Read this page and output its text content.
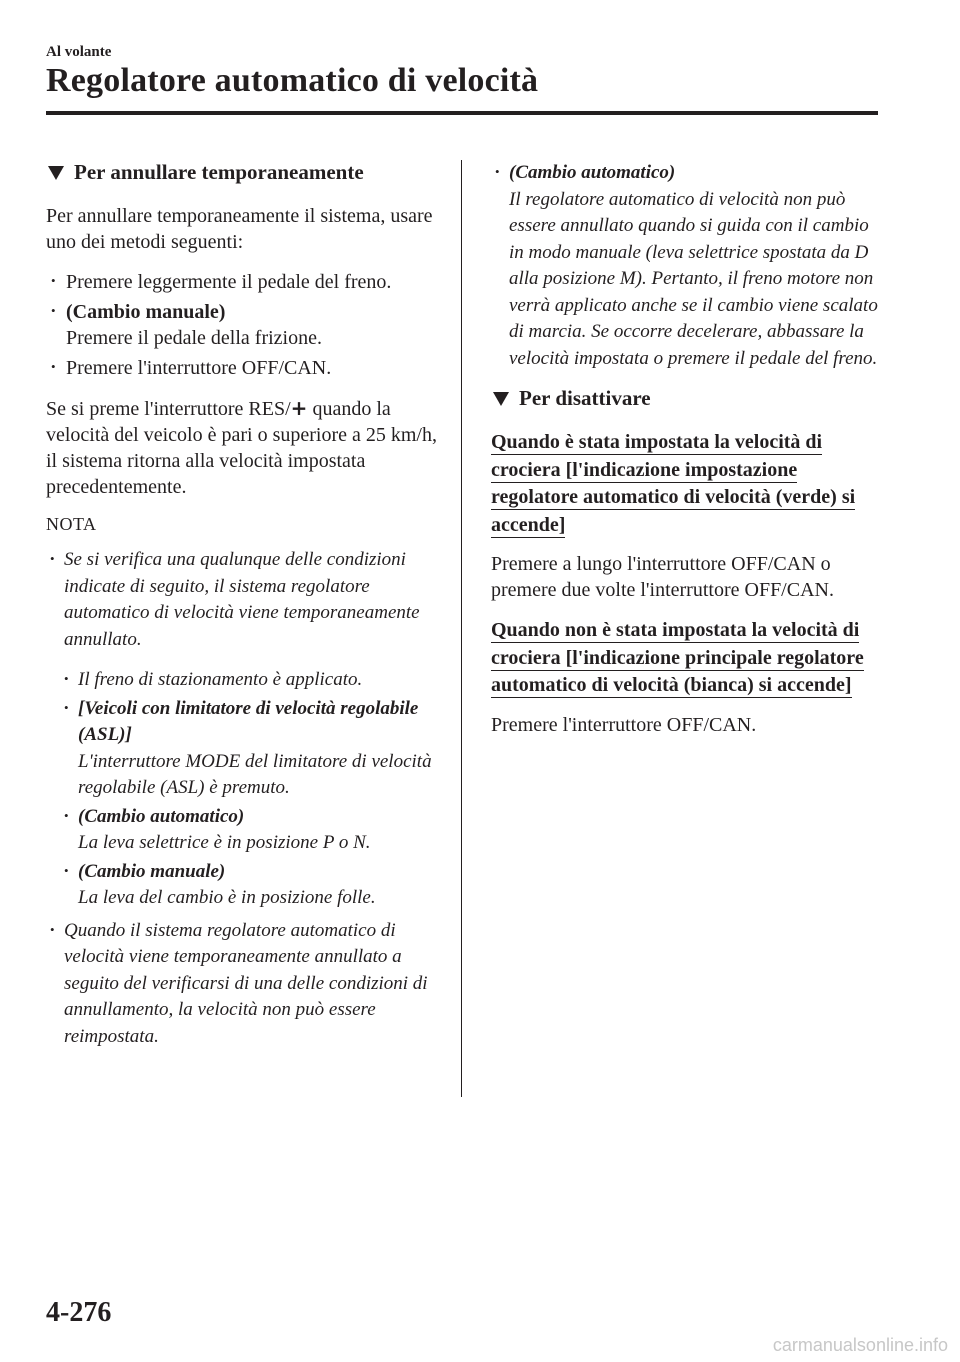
Al volante
Regolatore automatico di velocità
Per annullare temporaneamente

Per annullare temporaneamente il sistema, usare uno dei metodi seguenti:

• Premere leggermente il pedale del freno.
• (Cambio manuale)
Premere il pedale della frizione.
• Premere l'interruttore OFF/CAN.

Se si preme l'interruttore RES/+ quando la velocità del veicolo è pari o superiore a 25 km/h, il sistema ritorna alla velocità impostata precedentemente.

NOTA
• Se si verifica una qualunque delle condizioni indicate di seguito, il sistema regolatore automatico di velocità viene temporaneamente annullato.
• Il freno di stazionamento è applicato.
• [Veicoli con limitatore di velocità regolabile (ASL)]
L'interruttore MODE del limitatore di velocità regolabile (ASL) è premuto.
• (Cambio automatico)
La leva selettrice è in posizione P o N.
• (Cambio manuale)
La leva del cambio è in posizione folle.
• Quando il sistema regolatore automatico di velocità viene temporaneamente annullato a seguito del verificarsi di una delle condizioni di annullamento, la velocità non può essere reimpostata.
• (Cambio automatico)
Il regolatore automatico di velocità non può essere annullato quando si guida con il cambio in modo manuale (leva selettrice spostata da D alla posizione M). Pertanto, il freno motore non verrà applicato anche se il cambio viene scalato di marcia. Se occorre decelerare, abbassare la velocità impostata o premere il pedale del freno.
Per disattivare

Quando è stata impostata la velocità di crociera [l'indicazione impostazione regolatore automatico di velocità (verde) si accende]

Premere a lungo l'interruttore OFF/CAN o premere due volte l'interruttore OFF/CAN.

Quando non è stata impostata la velocità di crociera [l'indicazione principale regolatore automatico di velocità (bianca) si accende]

Premere l'interruttore OFF/CAN.

4-276
carmanualsonline.info
